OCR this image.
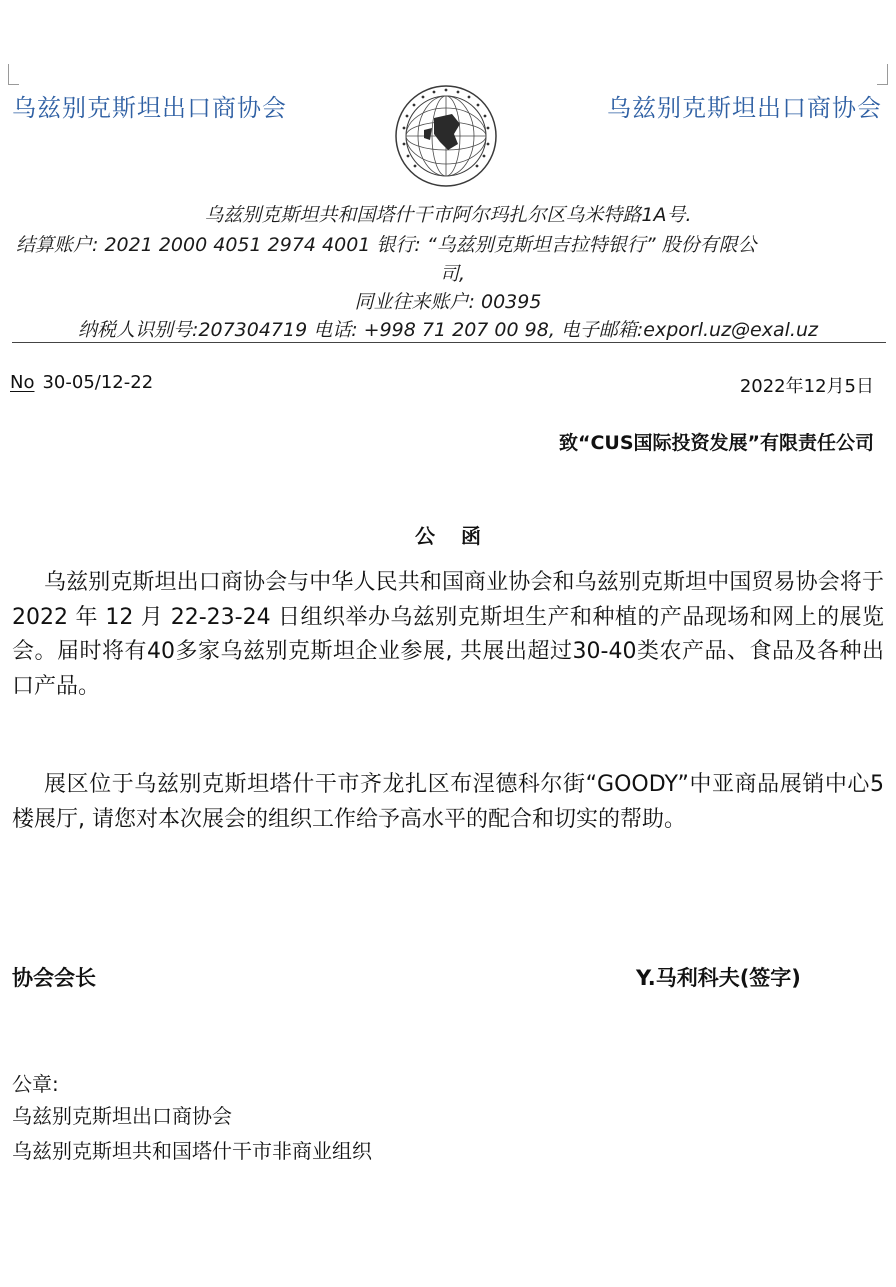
乌兹别克斯坦出口商协会	乌兹别克斯坦出口商协会
乌兹别克斯坦共和国塔什干市阿尔玛扎尔区乌米特路1A号.
结算账户: 2021 2000 4051 2974 4001 银行: “乌兹别克斯坦吉拉特银行” 股份有限公
司,
同业往来账户: 00395
纳税人识别号:207304719 电话: +998 71 207 00 98, 电子邮箱:exporl.uz@exal.uz
No 30-05/12-22	2022年12月5日
致“CUS国际投资发展”有限责任公司
公函
乌兹别克斯坦出口商协会与中华人民共和国商业协会和乌兹别克斯坦中国贸易协会将于 2022 年 12 月 22-23-24 日组织举办乌兹别克斯坦生产和种植的产品现场和网上的展览会。届时将有40多家乌兹别克斯坦企业参展, 共展出超过30-40类农产品、食品及各种出口产品。
展区位于乌兹别克斯坦塔什干市齐龙扎区布涅德科尔街“GOODY”中亚商品展销中心5楼展厅, 请您对本次展会的组织工作给予高水平的配合和切实的帮助。
协会会长	Y.马利科夫(签字)
公章:
乌兹别克斯坦出口商协会
乌兹别克斯坦共和国塔什干市非商业组织
